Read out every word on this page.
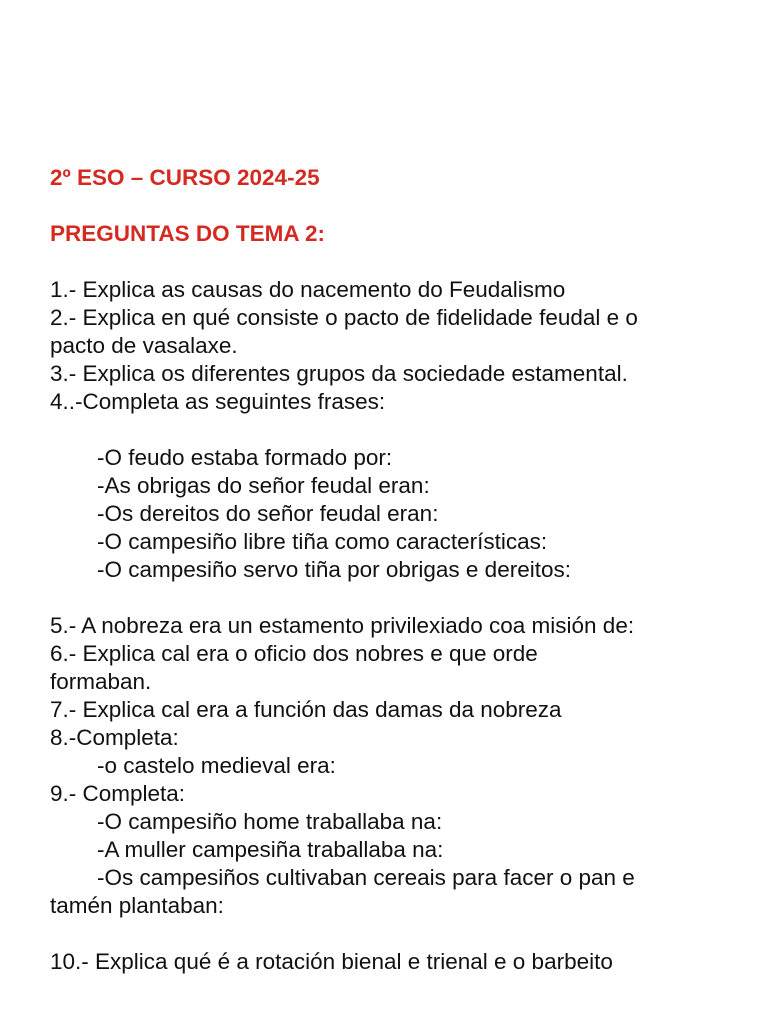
2º ESO – CURSO 2024-25
PREGUNTAS DO TEMA 2:
1.- Explica as causas do nacemento do Feudalismo
2.- Explica en qué consiste o pacto de fidelidade feudal e o
pacto de vasalaxe.
3.- Explica os diferentes grupos da sociedade estamental.
4..-Completa as seguintes frases:
-O feudo estaba formado por:
-As obrigas do señor feudal eran:
-Os dereitos do señor feudal eran:
-O campesiño libre tiña como características:
-O campesiño servo tiña por obrigas e dereitos:
5.- A nobreza era un estamento privilexiado coa misión de:
6.- Explica cal era o oficio dos nobres e que orde
formaban.
7.- Explica cal era a función das damas da nobreza
8.-Completa:
-o castelo medieval era:
9.- Completa:
-O campesiño home traballaba na:
-A muller campesiña traballaba na:
-Os campesiños cultivaban cereais para facer o pan e
tamén plantaban:
10.- Explica qué é a rotación bienal e trienal e o barbeito
